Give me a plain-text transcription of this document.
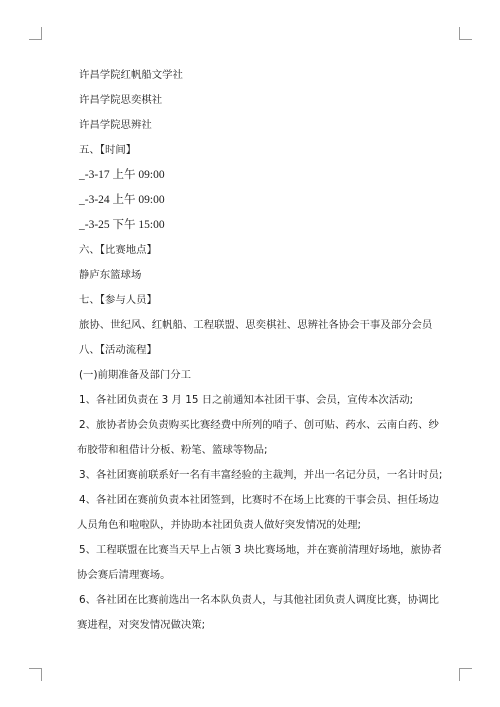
许昌学院红帆船文学社
许昌学院思奕棋社
许昌学院思辨社
五、【时间】
_-3-17 上午 09:00
_-3-24 上午 09:00
_-3-25 下午 15:00
六、【比赛地点】
静庐东篮球场
七、【参与人员】
旅协、世纪风、红帆船、工程联盟、思奕棋社、思辨社各协会干事及部分会员
八、【活动流程】
(一)前期准备及部门分工
1、各社团负责在 3 月 15 日之前通知本社团干事、会员，宣传本次活动;
2、旅协者协会负责购买比赛经费中所列的哨子、创可贴、药水、云南白药、纱
布胶带和租借计分板、粉笔、篮球等物品;
3、各社团赛前联系好一名有丰富经验的主裁判，并出一名记分员，一名计时员;
4、各社团在赛前负责本社团签到，比赛时不在场上比赛的干事会员、担任场边
人员角色和啦啦队，并协助本社团负责人做好突发情况的处理;
5、工程联盟在比赛当天早上占领 3 块比赛场地，并在赛前清理好场地，旅协者
协会赛后清理赛场。
6、各社团在比赛前选出一名本队负责人，与其他社团负责人调度比赛，协调比
赛进程，对突发情况做决策;
